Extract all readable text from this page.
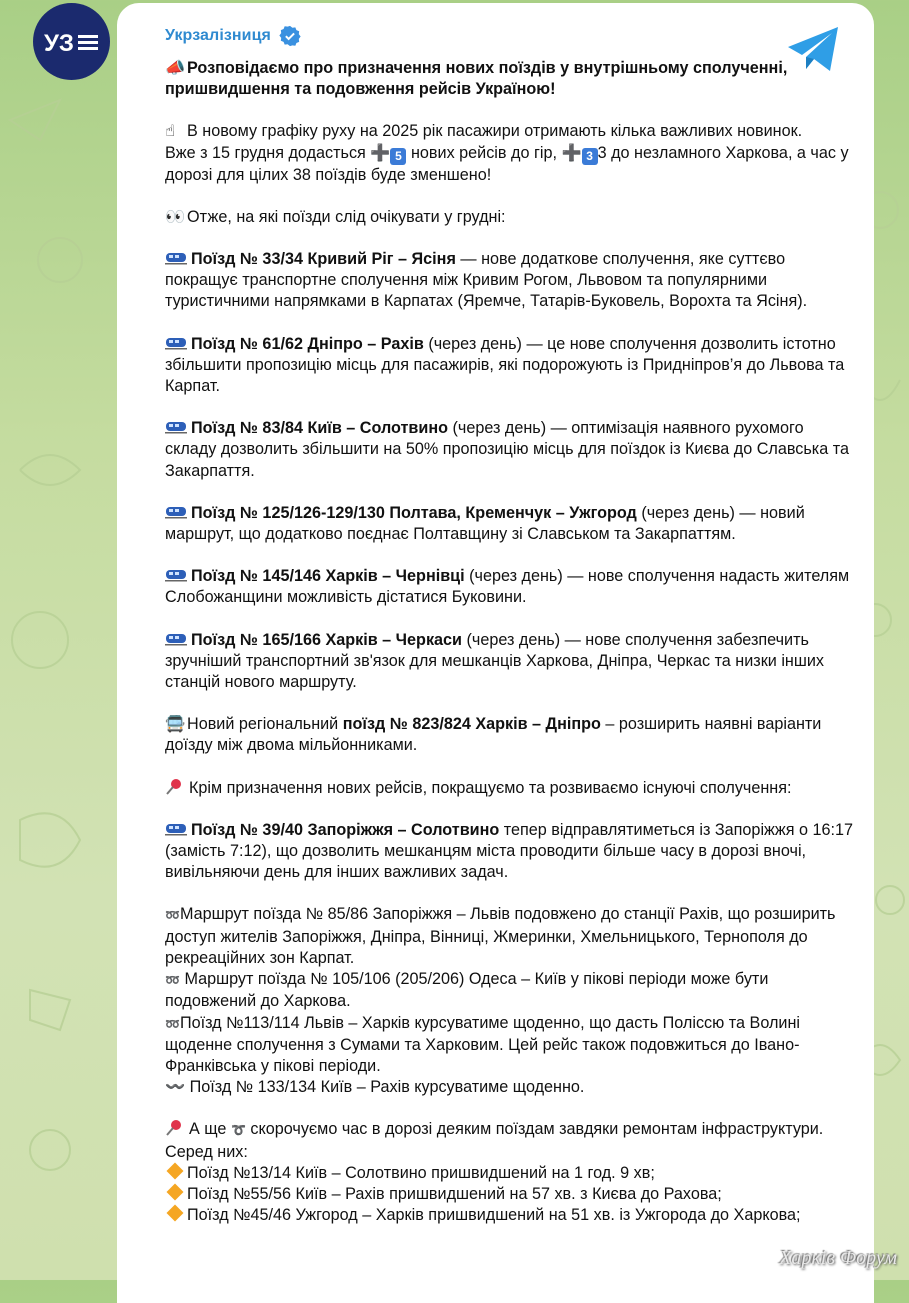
УЗ	Укрзалізниця

📣 Розповідаємо про призначення нових поїздів у внутрішньому сполученні, пришвидшення та подовження рейсів Україною!

☝ В новому графіку руху на 2025 рік пасажири отримають кілька важливих новинок.
Вже з 15 грудня додасться ➕ 5 нових рейсів до гір, ➕ 3 3 до незламного Харкова, а час у дорозі для цілих 38 поїздів буде зменшено!

👀 Отже, на які поїзди слід очікувати у грудні:

Поїзд № 33/34 Кривий Ріг – Ясіня — нове додаткове сполучення, яке суттєво покращує транспортне сполучення між Кривим Рогом, Львовом та популярними туристичними напрямками в Карпатах (Яремче, Татарів-Буковель, Ворохта та Ясіня).

Поїзд № 61/62 Дніпро – Рахів (через день) — це нове сполучення дозволить істотно збільшити пропозицію місць для пасажирів, які подорожують із Придніпров’я до Львова та Карпат.

Поїзд № 83/84 Київ – Солотвино (через день) — оптимізація наявного рухомого складу дозволить збільшити на 50% пропозицію місць для поїздок із Києва до Славська та Закарпаття.

Поїзд № 125/126-129/130 Полтава, Кременчук – Ужгород (через день) — новий маршрут, що додатково поєднає Полтавщину зі Славськом та Закарпаттям.

Поїзд № 145/146 Харків – Чернівці (через день) — нове сполучення надасть жителям Слобожанщини можливість дістатися Буковини.

Поїзд № 165/166 Харків – Черкаси (через день) — нове сполучення забезпечить зручніший транспортний зв'язок для мешканців Харкова, Дніпра, Черкас та низки інших станцій нового маршруту.

🚍 Новий регіональний поїзд № 823/824 Харків – Дніпро – розширить наявні варіанти доїзду між двома мільйонниками.

Крім призначення нових рейсів, покращуємо та розвиваємо існуючі сполучення:

Поїзд № 39/40 Запоріжжя – Солотвино тепер відправлятиметься із Запоріжжя о 16:17 (замість 7:12), що дозволить мешканцям міста проводити більше часу в дорозі вночі, вивільняючи день для інших важливих задач.

➿Маршрут поїзда № 85/86 Запоріжжя – Львів подовжено до станції Рахів, що розширить доступ жителів Запоріжжя, Дніпра, Вінниці, Жмеринки, Хмельницького, Тернополя до рекреаційних зон Карпат.

➿ Маршрут поїзда № 105/106 (205/206) Одеса – Київ у пікові періоди може бути подовжений до Харкова.

➿Поїзд №113/114 Львів – Харків курсуватиме щоденно, що дасть Поліссю та Волині щоденне сполучення з Сумами та Харковим. Цей рейс також подовжиться до Івано-Франківська у пікові періоди.

〰️ Поїзд № 133/134 Київ – Рахів курсуватиме щоденно.

А ще ➰ скорочуємо час в дорозі деяким поїздам завдяки ремонтам інфраструктури. Серед них:

Поїзд №13/14 Київ – Солотвино пришвидшений на 1 год. 9 хв;

Поїзд №55/56 Київ – Рахів пришвидшений на 57 хв. з Києва до Рахова;

Поїзд №45/46 Ужгород – Харків пришвидшений на 51 хв. із Ужгорода до Харкова;

Харків Форум
